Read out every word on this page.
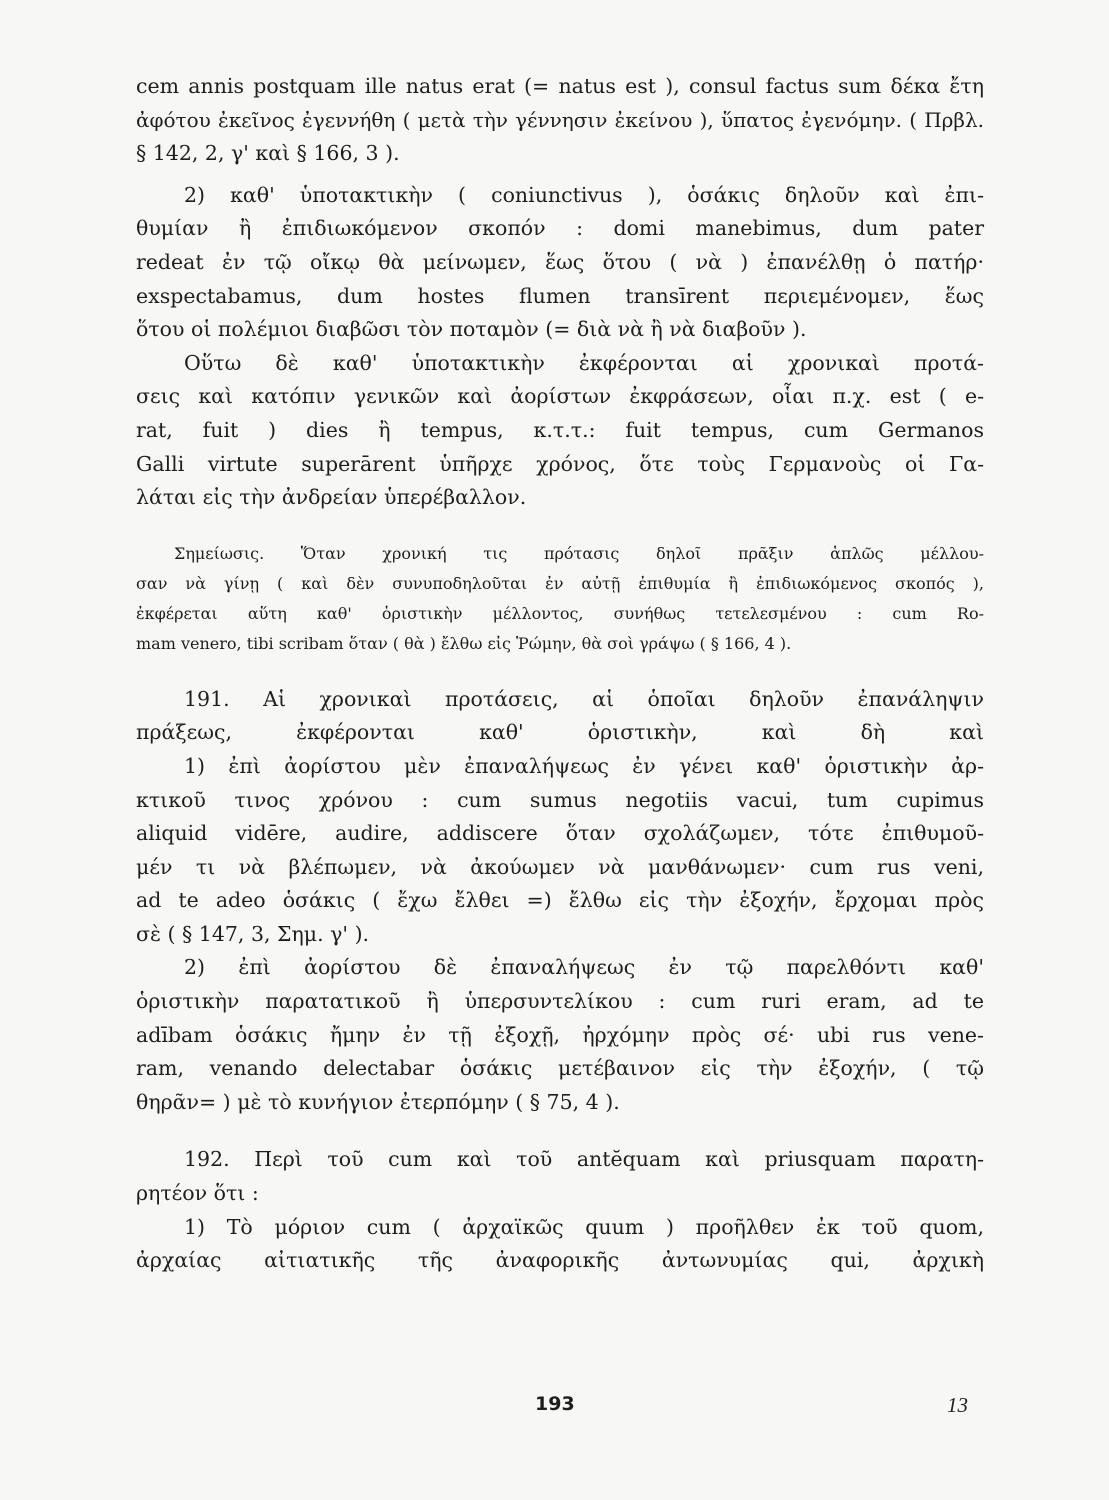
cem annis postquam ille natus erat (= natus est ), consul factus sum δέκα ἔτη
ἀφότου ἐκεῖνος ἐγεννήθη ( μετὰ τὴν γέννησιν ἐκείνου ), ὕπατος ἐγενόμην. ( Πρβλ.
§ 142, 2, γ' καὶ § 166, 3 ).
2) καθ' ὑποτακτικὴν ( coniunctivus ), ὁσάκις δηλοῦν καὶ ἐπι-
θυμίαν ἢ ἐπιδιωκόμενον σκοπόν : domi manebimus, dum pater
redeat ἐν τῷ οἴκῳ θὰ μείνωμεν, ἕως ὅτου ( νὰ ) ἐπανέλθῃ ὁ πατήρ·
exspectabamus, dum hostes flumen transīrent περιεμένομεν, ἕως
ὅτου οἱ πολέμιοι διαβῶσι τὸν ποταμὸν (= διὰ νὰ ἢ νὰ διαβοῦν ).
Οὕτω δὲ καθ' ὑποτακτικὴν ἐκφέρονται αἱ χρονικαὶ προτά-
σεις καὶ κατόπιν γενικῶν καὶ ἀορίστων ἐκφράσεων, οἷαι π.χ. est ( e-
rat, fuit ) dies ἢ tempus, κ.τ.τ.: fuit tempus, cum Germanos
Galli virtute superārent ὑπῆρχε χρόνος, ὅτε τοὺς Γερμανοὺς οἱ Γα-
λάται εἰς τὴν ἀνδρείαν ὑπερέβαλλον.
Σημείωσις. Ὅταν χρονική τις πρότασις δηλοῖ πρᾶξιν ἁπλῶς μέλλου-
σαν νὰ γίνῃ ( καὶ δὲν συνυποδηλοῦται ἐν αὐτῇ ἐπιθυμία ἢ ἐπιδιωκόμενος σκοπός ),
ἐκφέρεται αὕτη καθ' ὁριστικὴν μέλλοντος, συνήθως τετελεσμένου : cum Ro-
mam venero, tibi scribam ὅταν ( θὰ ) ἔλθω εἰς Ῥώμην, θὰ σοὶ γράψω ( § 166, 4 ).
191. Αἱ χρονικαὶ προτάσεις, αἱ ὁποῖαι δηλοῦν ἐπανάληψιν
πράξεως, ἐκφέρονται καθ' ὁριστικὴν, καὶ δὴ καὶ
1) ἐπὶ ἀορίστου μὲν ἐπαναλήψεως ἐν γένει καθ' ὁριστικὴν ἀρ-
κτικοῦ τινος χρόνου : cum sumus negotiis vacui, tum cupimus
aliquid vidēre, audire, addiscere ὅταν σχολάζωμεν, τότε ἐπιθυμοῦ-
μέν τι νὰ βλέπωμεν, νὰ ἀκούωμεν νὰ μανθάνωμεν· cum rus veni,
ad te adeo ὁσάκις ( ἔχω ἔλθει =) ἔλθω εἰς τὴν ἐξοχήν, ἔρχομαι πρὸς
σὲ ( § 147, 3, Σημ. γ' ).
2) ἐπὶ ἀορίστου δὲ ἐπαναλήψεως ἐν τῷ παρελθόντι καθ'
ὁριστικὴν παρατατικοῦ ἢ ὑπερσυντελίκου : cum ruri eram, ad te
adībam ὁσάκις ἤμην ἐν τῇ ἐξοχῇ, ἠρχόμην πρὸς σέ· ubi rus vene-
ram, venando delectabar ὁσάκις μετέβαινον εἰς τὴν ἐξοχήν, ( τῷ
θηρᾶν= ) μὲ τὸ κυνήγιον ἐτερπόμην ( § 75, 4 ).
192. Περὶ τοῦ cum καὶ τοῦ antĕquam καὶ priusquam παρατη-
ρητέον ὅτι :
1) Τὸ μόριον cum ( ἀρχαϊκῶς quum ) προῆλθεν ἐκ τοῦ quom,
ἀρχαίας αἰτιατικῆς τῆς ἀναφορικῆς ἀντωνυμίας qui, ἀρχικὴ
193	13
